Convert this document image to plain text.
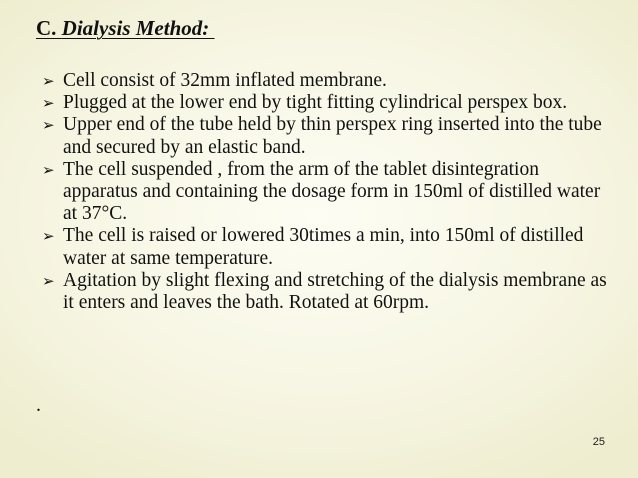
C. Dialysis Method:
➢ Cell consist of 32mm inflated membrane.
➢ Plugged at the lower end by tight fitting cylindrical perspex box.
➢ Upper end of the tube held by thin perspex ring inserted into the tube and secured by an elastic band.
➢ The cell suspended , from the arm of the tablet disintegration apparatus and containing the dosage form in 150ml of distilled water at 37°C.
➢ The cell is raised or lowered 30times a min, into 150ml of distilled water at same temperature.
➢ Agitation by slight flexing and stretching of the dialysis membrane as it enters and leaves the bath. Rotated at 60rpm.
.
25
